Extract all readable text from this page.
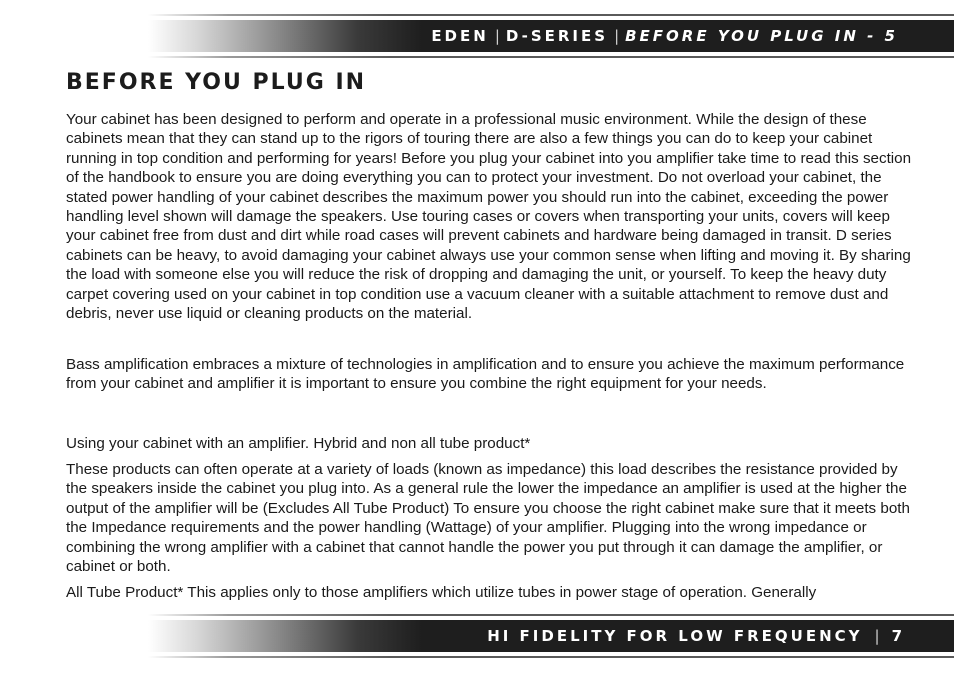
EDEN | D-SERIES | BEFORE YOU PLUG IN - 5
BEFORE YOU PLUG IN

Your cabinet has been designed to perform and operate in a professional music environment. While the design of these cabinets mean that they can stand up to the rigors of touring there are also a few things you can do to keep your cabinet running in top condition and performing for years! Before you plug your cabinet into you amplifier take time to read this section of the handbook to ensure you are doing everything you can to protect your investment. Do not overload your cabinet, the stated power handling of your cabinet describes the maximum power you should run into the cabinet, exceeding the power handling level shown will damage the speakers. Use touring cases or covers when transporting your units, covers will keep your cabinet free from dust and dirt while road cases will prevent cabinets and hardware being damaged in transit. D series cabinets can be heavy, to avoid damaging your cabinet always use your common sense when lifting and moving it. By sharing the load with someone else you will reduce the risk of dropping and damaging the unit, or yourself. To keep the heavy duty carpet covering used on your cabinet in top condition use a vacuum cleaner with a suitable attachment to remove dust and debris, never use liquid or cleaning products on the material.

Bass amplification embraces a mixture of technologies in amplification and to ensure you achieve the maximum performance from your cabinet and amplifier it is important to ensure you combine the right equipment for your needs.

Using your cabinet with an amplifier. Hybrid and non all tube product*

These products can often operate at a variety of loads (known as impedance) this load describes the resistance provided by the speakers inside the cabinet you plug into. As a general rule the lower the impedance an amplifier is used at the higher the output of the amplifier will be (Excludes All Tube Product) To ensure you choose the right cabinet make sure that it meets both the Impedance requirements and the power handling (Wattage) of your amplifier. Plugging into the wrong impedance or combining the wrong amplifier with a cabinet that cannot handle the power you put through it can damage the amplifier, or cabinet or both.

All Tube Product* This applies only to those amplifiers which utilize tubes in power stage of operation. Generally

HI FIDELITY FOR LOW FREQUENCY | 7
